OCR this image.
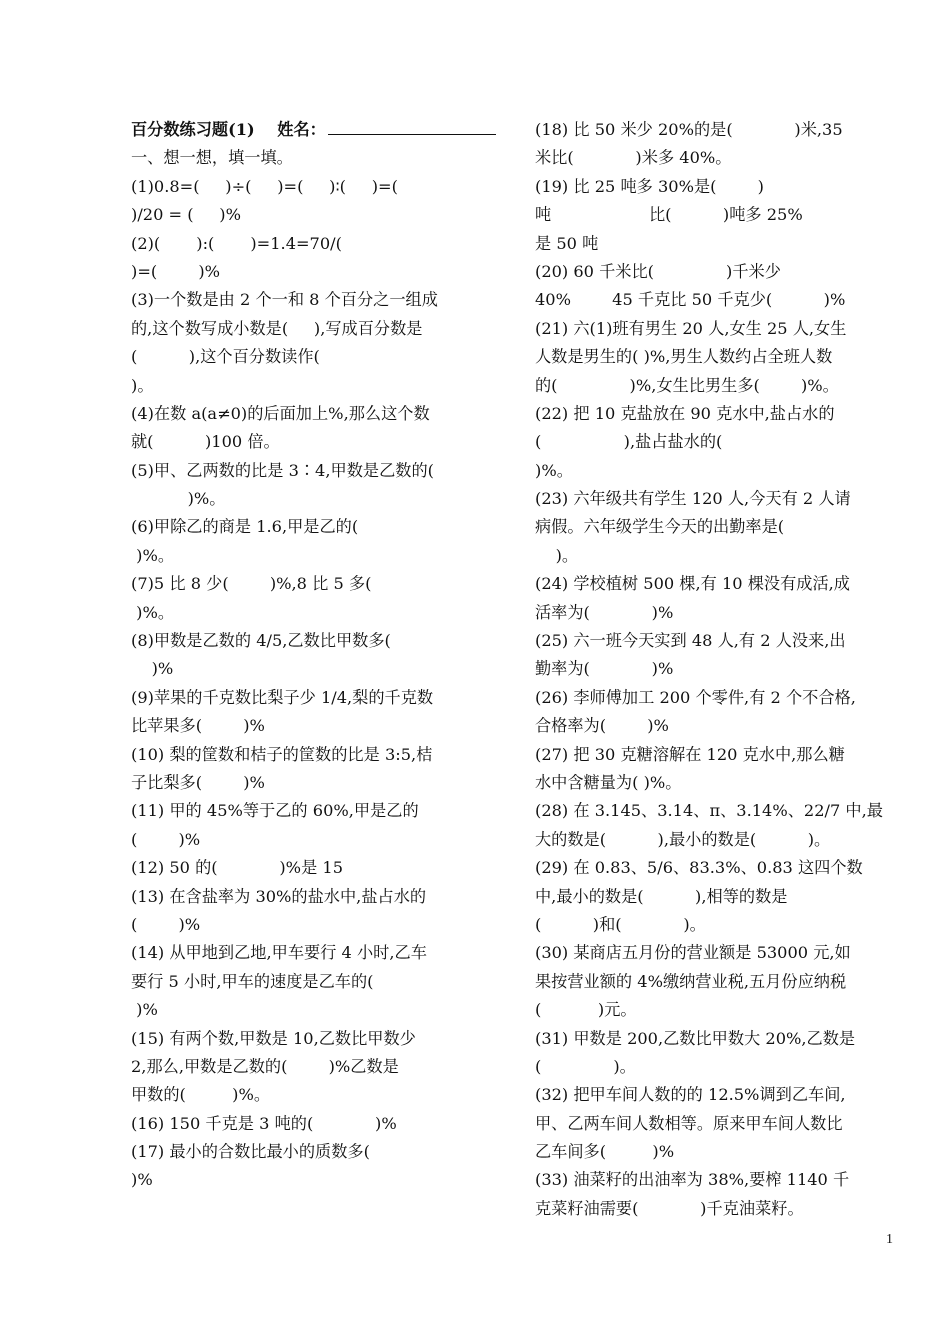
百分数练习题(1) 姓名：
一、想一想，填一填。
(1)0.8=(     )÷(     )=(     )∶(     )=(
)/20 = (     )%
(2)(       ):(       )=1.4=70/(
)=(        )%
(3)一个数是由 2 个一和 8 个百分之一组成
的,这个数写成小数是(     ),写成百分数是
(          ),这个百分数读作(
)。
(4)在数 a(a≠0)的后面加上%,那么这个数
就(          )100 倍。
(5)甲、乙两数的比是 3∶4,甲数是乙数的(
)%。
(6)甲除乙的商是 1.6,甲是乙的(
)%。
(7)5 比 8 少(        )%,8 比 5 多(
)%。
(8)甲数是乙数的 4/5,乙数比甲数多(
)%
(9)苹果的千克数比梨子少 1/4,梨的千克数
比苹果多(        )%
(10) 梨的筐数和桔子的筐数的比是 3:5,桔
子比梨多(        )%
(11) 甲的 45%等于乙的 60%,甲是乙的
(        )%
(12) 50 的(            )%是 15
(13) 在含盐率为 30%的盐水中,盐占水的
(        )%
(14) 从甲地到乙地,甲车要行 4 小时,乙车
要行 5 小时,甲车的速度是乙车的(
)%
(15) 有两个数,甲数是 10,乙数比甲数少
2,那么,甲数是乙数的(        )%乙数是
甲数的(         )%。
(16) 150 千克是 3 吨的(            )%
(17) 最小的合数比最小的质数多(
)%
(18) 比 50 米少 20%的是(            )米,35
米比(            )米多 40%。
(19) 比 25 吨多 30%是(        )
吨                   比(          )吨多 25%
是 50 吨
(20) 60 千米比(              )千米少
40%        45 千克比 50 千克少(          )%
(21) 六(1)班有男生 20 人,女生 25 人,女生
人数是男生的( )%,男生人数约占全班人数
的(              )%,女生比男生多(        )%。
(22) 把 10 克盐放在 90 克水中,盐占水的
(                ),盐占盐水的(
)%。
(23) 六年级共有学生 120 人,今天有 2 人请
病假。六年级学生今天的出勤率是(
)。
(24) 学校植树 500 棵,有 10 棵没有成活,成
活率为(            )%
(25) 六一班今天实到 48 人,有 2 人没来,出
勤率为(            )%
(26) 李师傅加工 200 个零件,有 2 个不合格,
合格率为(        )%
(27) 把 30 克糖溶解在 120 克水中,那么糖
水中含糖量为( )%。
(28) 在 3.145、3.14、π、3.14%、22/7 中,最
大的数是(          ),最小的数是(          )。
(29) 在 0.83、5/6、83.3%、0.83 这四个数
中,最小的数是(          ),相等的数是
(          )和(            )。
(30) 某商店五月份的营业额是 53000 元,如
果按营业额的 4%缴纳营业税,五月份应纳税
(           )元。
(31) 甲数是 200,乙数比甲数大 20%,乙数是
(              )。
(32) 把甲车间人数的的 12.5%调到乙车间,
甲、乙两车间人数相等。原来甲车间人数比
乙车间多(         )%
(33) 油菜籽的出油率为 38%,要榨 1140 千
克菜籽油需要(            )千克油菜籽。
1
